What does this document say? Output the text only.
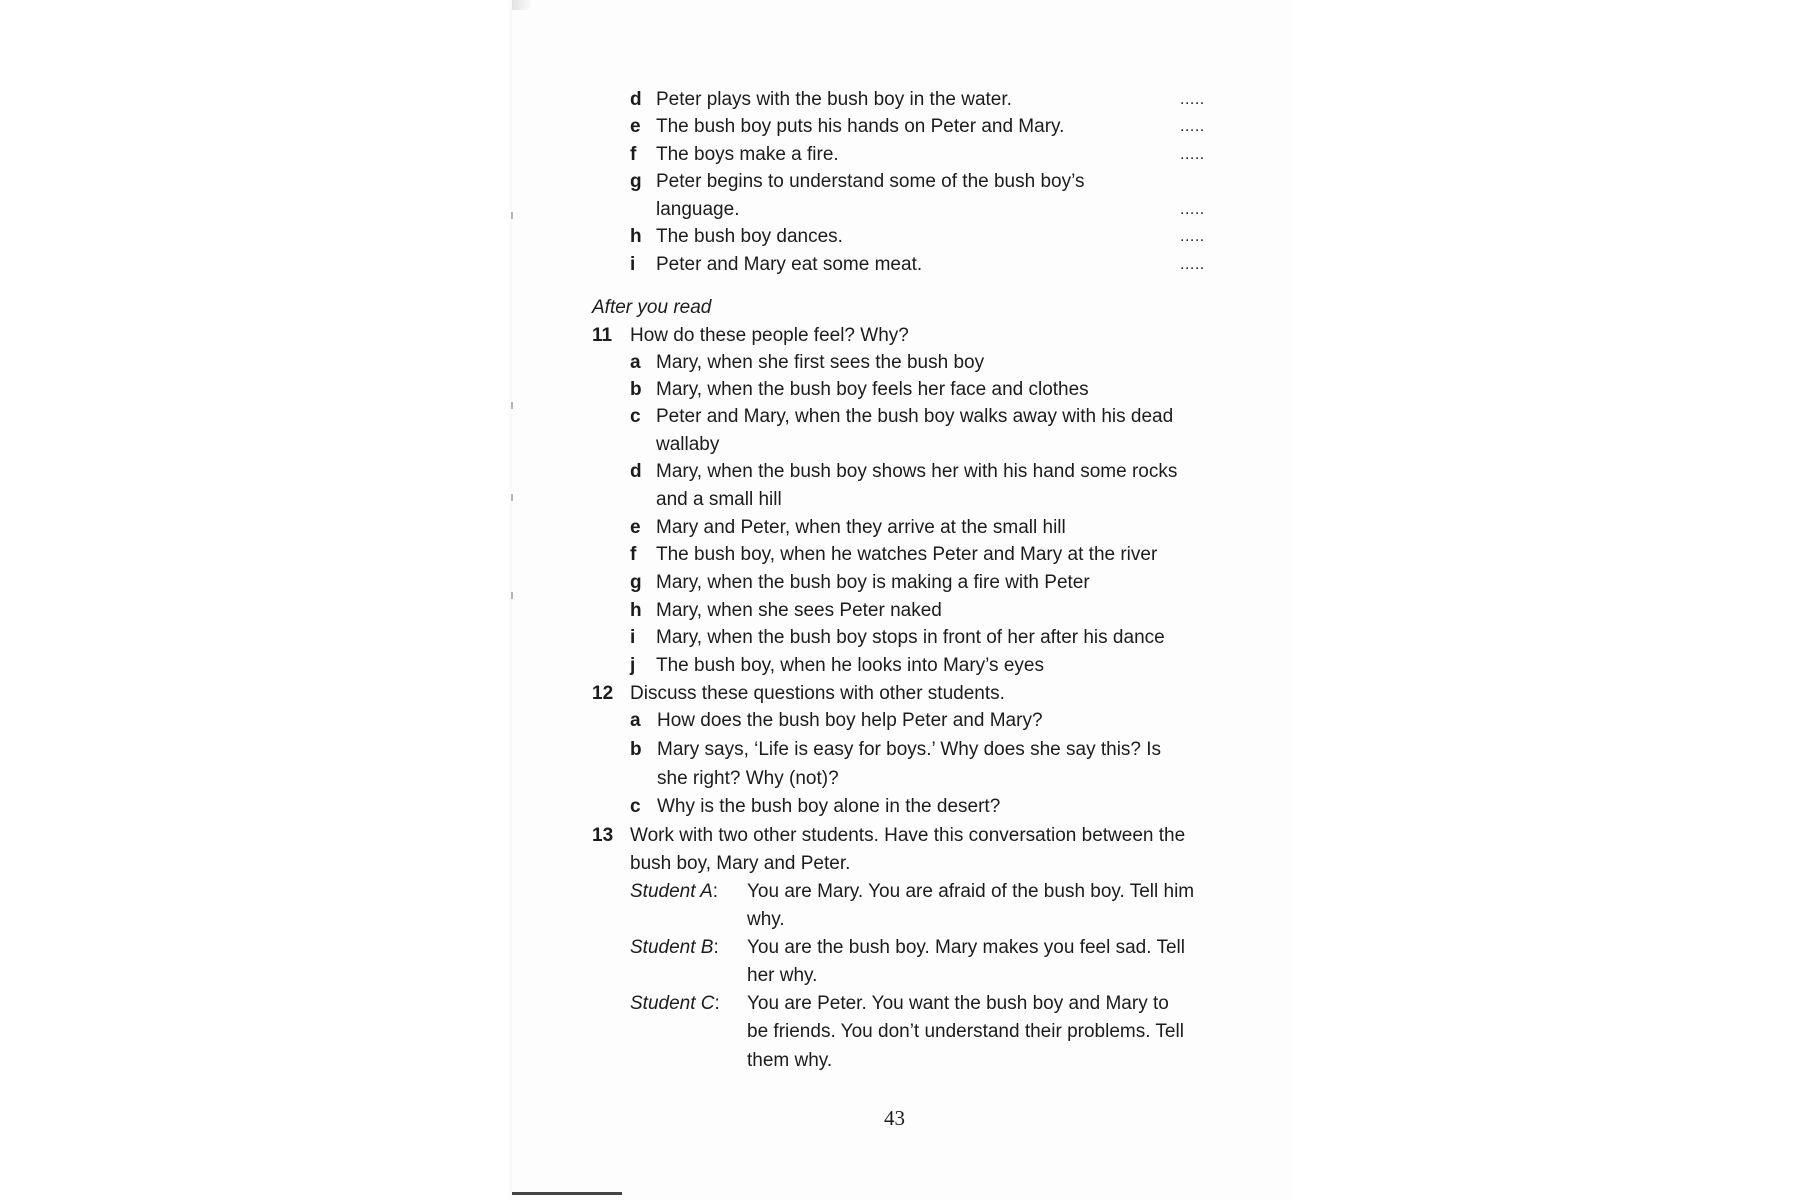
d Peter plays with the bush boy in the water.	.....
e The bush boy puts his hands on Peter and Mary.	.....
f The boys make a fire.	.....
g Peter begins to understand some of the bush boy’s
language.	.....
h The bush boy dances.	.....
i Peter and Mary eat some meat.	.....
After you read
11 How do these people feel? Why?
a Mary, when she first sees the bush boy
b Mary, when the bush boy feels her face and clothes
c Peter and Mary, when the bush boy walks away with his dead
wallaby
d Mary, when the bush boy shows her with his hand some rocks
and a small hill
e Mary and Peter, when they arrive at the small hill
f The bush boy, when he watches Peter and Mary at the river
g Mary, when the bush boy is making a fire with Peter
h Mary, when she sees Peter naked
i Mary, when the bush boy stops in front of her after his dance
j The bush boy, when he looks into Mary’s eyes
12 Discuss these questions with other students.
a How does the bush boy help Peter and Mary?
b Mary says, ‘Life is easy for boys.’ Why does she say this? Is
she right? Why (not)?
c Why is the bush boy alone in the desert?
13 Work with two other students. Have this conversation between the
bush boy, Mary and Peter.
Student A: You are Mary. You are afraid of the bush boy. Tell him
why.
Student B: You are the bush boy. Mary makes you feel sad. Tell
her why.
Student C: You are Peter. You want the bush boy and Mary to
be friends. You don’t understand their problems. Tell
them why.
43
